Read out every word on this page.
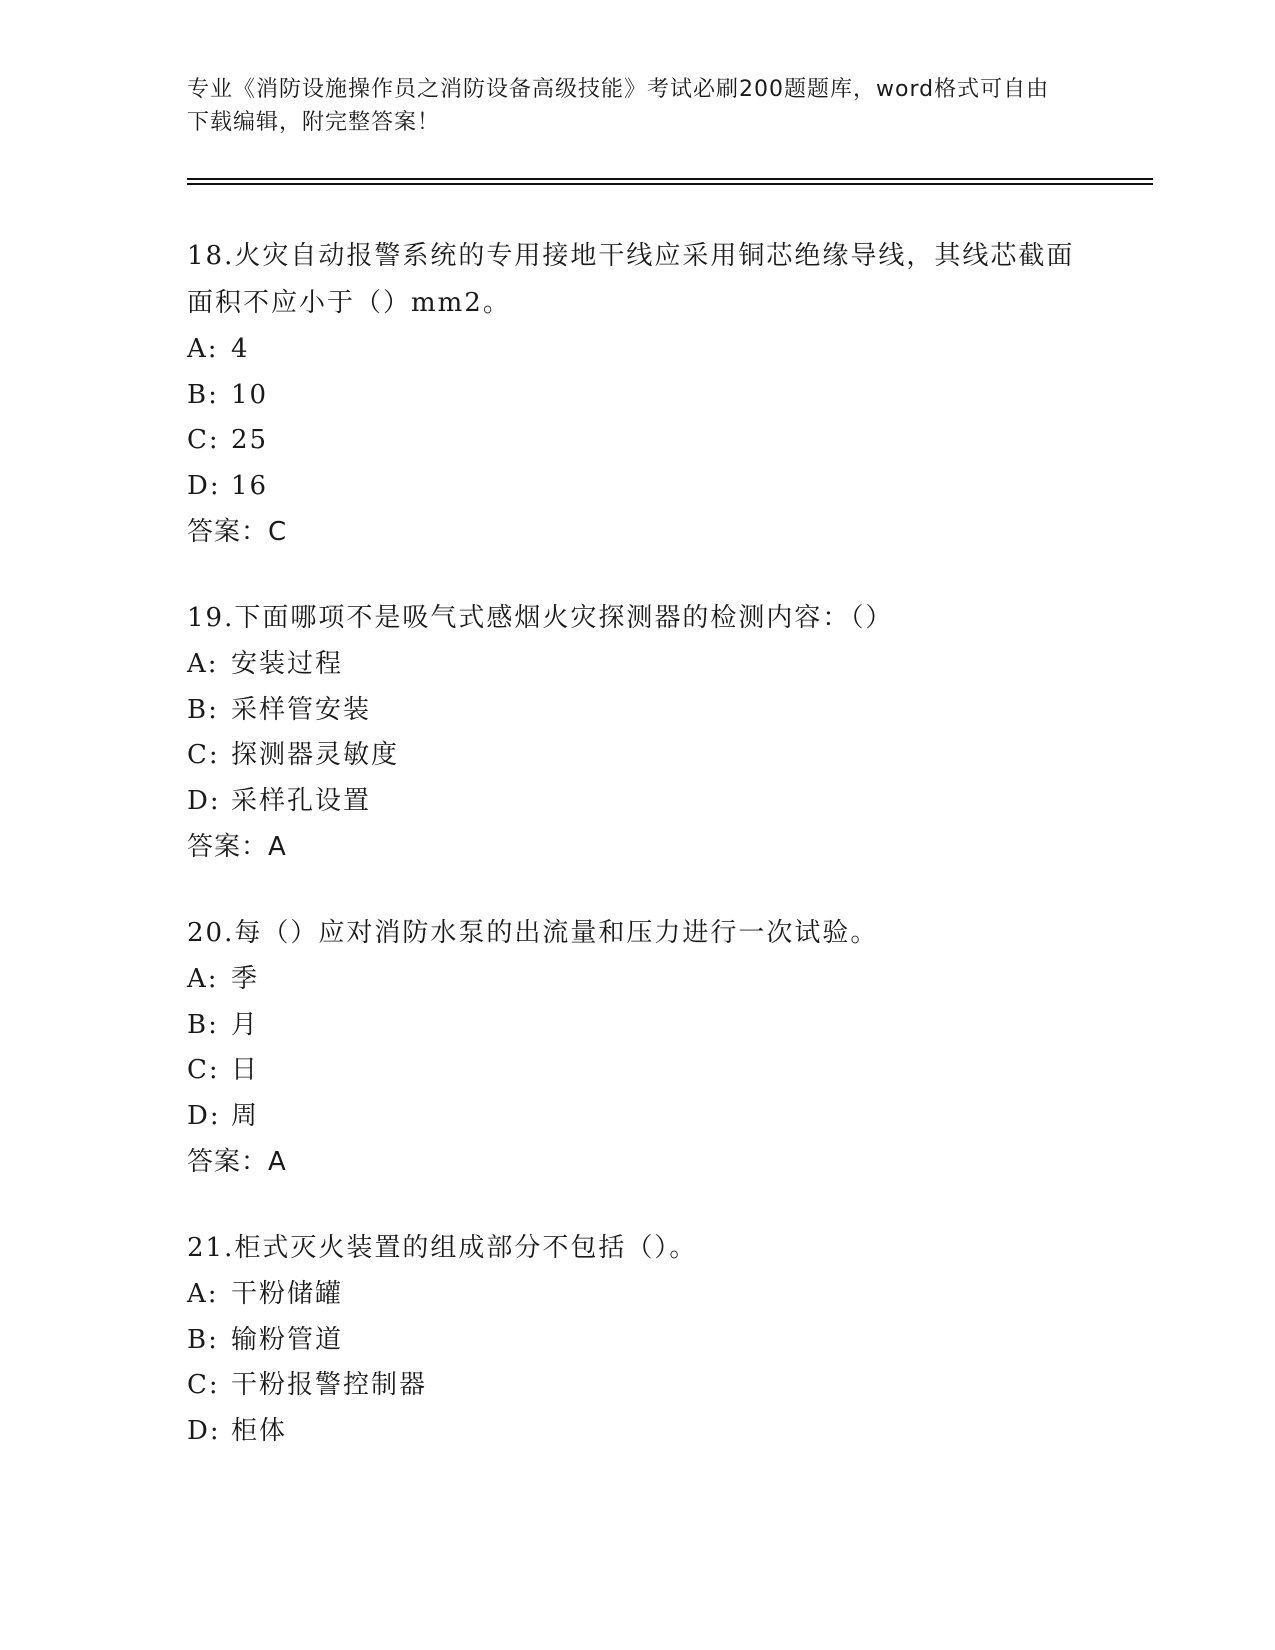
专业《消防设施操作员之消防设备高级技能》考试必刷200题题库，word格式可自由下载编辑，附完整答案！

18.火灾自动报警系统的专用接地干线应采用铜芯绝缘导线，其线芯截面面积不应小于（）mm2。

A: 4
B: 10
C: 25
D: 16
答案：C

19.下面哪项不是吸气式感烟火灾探测器的检测内容：（）

A: 安装过程
B: 采样管安装
C: 探测器灵敏度
D: 采样孔设置
答案：A

20.每（）应对消防水泵的出流量和压力进行一次试验。

A: 季
B: 月
C: 日
D: 周
答案：A

21.柜式灭火装置的组成部分不包括（）。

A: 干粉储罐
B: 输粉管道
C: 干粉报警控制器
D: 柜体
